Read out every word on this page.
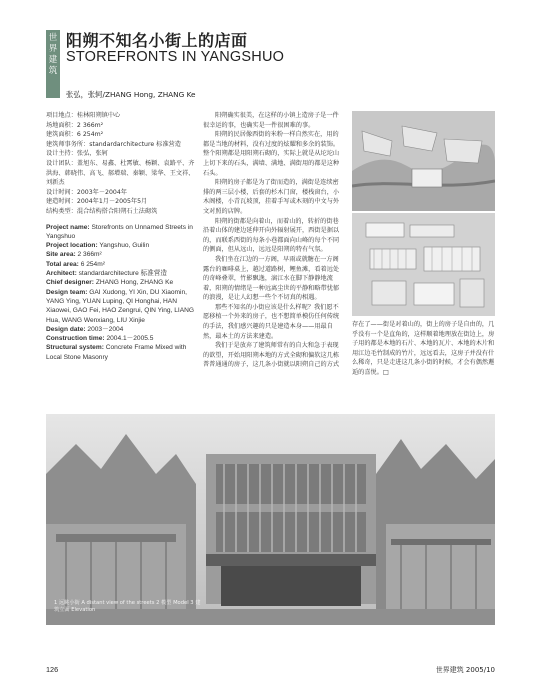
世
界
建
筑
阳朔不知名小街上的店面
STOREFRONTS IN YANGSHUO
张弘，张轲/ZHANG Hong, ZHANG Ke

项目地点：桂林阳朔镇中心

场地面积：2 366m²

建筑面积：6 254m²

建筑师事务所：standardarchitecture 标准营造

设计主持：张弘，张轲

设计团队：盖旭东、易鑫、杜霄敏、杨颖、袁路平、齐洪海、韩晓伟、高飞、郝增瑞、秦颖、梁华、王文祥、刘新杰

设计时间：2003年－2004年

建造时间：2004年1月－2005年5月

结构类型：混合结构搭合阳朔石土法砌筑

Project name: Storefronts on Unnamed Streets in Yangshuo

Project location: Yangshuo, Guilin

Site area: 2 366m²

Total area: 6 254m²

Architect: standardarchitecture 标准营造

Chief designer: ZHANG Hong, ZHANG Ke

Design team: GAI Xudong, YI Xin, DU Xiaomin, YANG Ying, YUAN Luping, QI Honghai, HAN Xiaowei, GAO Fei, HAO Zengrui, QIN Ying, LIANG Hua, WANG Wenxiang, LIU Xinjie

Design date: 2003－2004

Construction time: 2004.1－2005.5

Structural system: Concrete Frame Mixed with Local Stone Masonry

阳朔确实很美，在这样的小镇上造房子是一件很幸运的事，也确实是一件很困难的事。

阳朔的民居像西街的米粉一样自然实在，用的都是当地的材料，没有过度的炫耀和多余的装饰。整个阳朔都是用阳朔石砌的，实际上就是从坨坨山上切下来的石头，满墙、满地、满街用的都是这种石头。

阳朔的房子都是为了街而造的，满街是连续密排的两三层小楼，后套的杉木门窗，楼栈窗台，小木阁楼，小青瓦坡顶，挂着手写或木刻的中文与外文对照的店牌。

阳朔的街都是向着山，而着山的，转折的街巷沿着山体的建边延伸开向外辐射展开，西街是据以的，而联系西街的每条小巷都面向山峰的每个不同的侧面，但从远山，远远是阳朔的特有气氛。

我们坐在江边的一方阁，早雨或就糖在一方阁露台的咖啡桌上，越过道路树，鲤鱼滩，看着远处的奇峰叠翠，竹影飘逸，漓江水在脚下静静地流着，阳朔的情绪是一种远离尘世的平静和略带忧郁的浪漫，是让人幻想一些个不切真的相遇。

那些不知名的小街应该是什么样呢？我们愿不愿移植一个外来的房子，也不想简单模仿任何传统的手法，我们感兴趣的只是建造本身——用最自然，最本土的方法来建造。

我们于是放弃了建筑师常有的自大和急于表现的欲望，开始用阳朔本地的方式全砌和偏软这几栋普普通通的房子，这几条小街就以阳朔自己的方式

存在了——街是对着山的，街上的房子是自由的，几乎没有一个是直角的，这样顺着地理放在街边上，房子用的都是本地的石片、本地的瓦片、本地的木片和用江边毛竹制成的竹片，远远看去，这房子并没有什么稀奇，只是走进这几条小街的时候，才会有偶然邂逅的喜悦。□

1 远眺小街 A distant view of the streets 2 模型 Model 3 建筑立面 Elevation
126	世界建筑 2005/10
